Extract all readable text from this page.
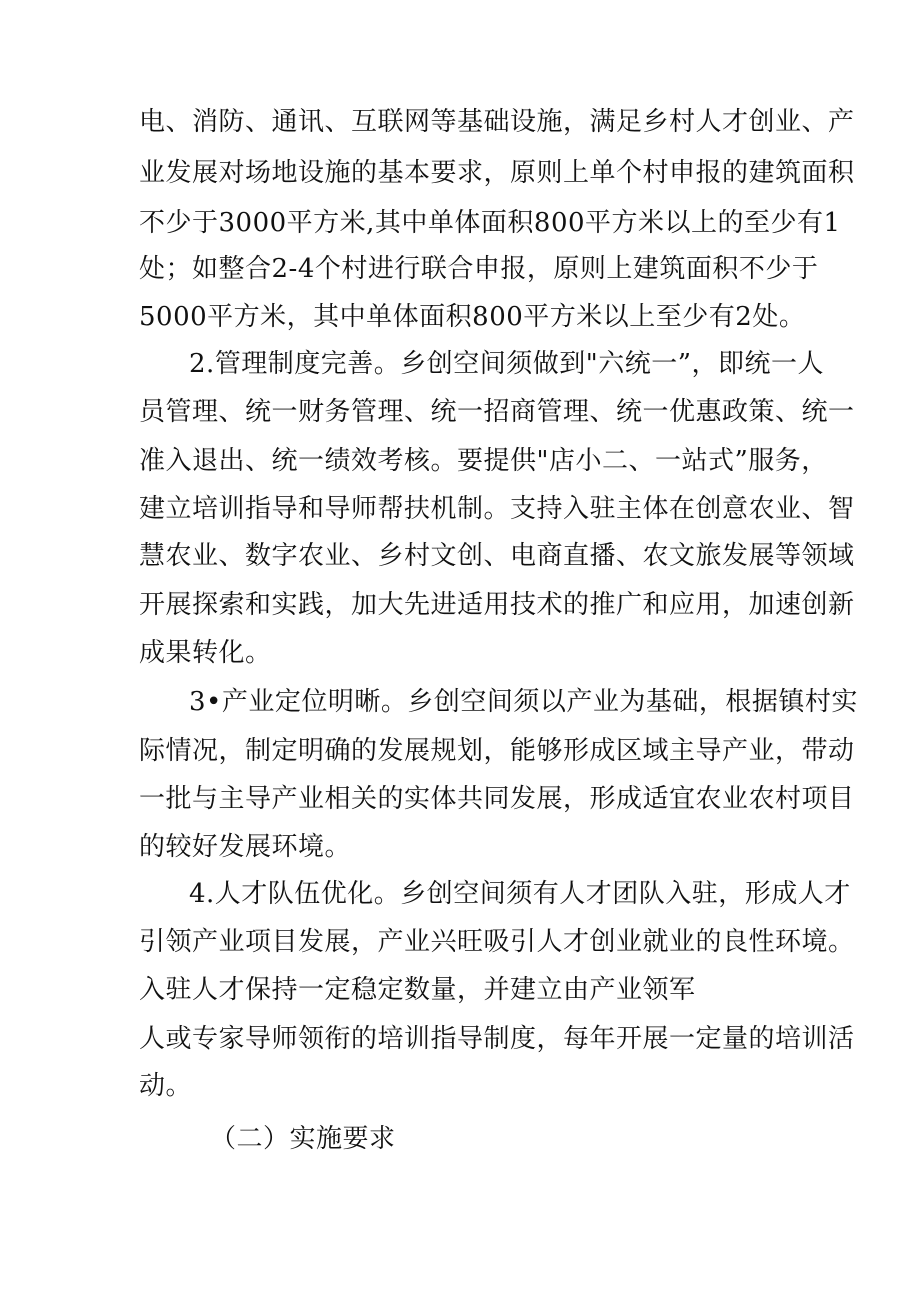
电、消防、通讯、互联网等基础设施，满足乡村人才创业、产
业发展对场地设施的基本要求，原则上单个村申报的建筑面积
不少于3000平方米,其中单体面积800平方米以上的至少有1
处；如整合2-4个村进行联合申报，原则上建筑面积不少于
5000平方米，其中单体面积800平方米以上至少有2处。
2.管理制度完善。乡创空间须做到"六统一”，即统一人
员管理、统一财务管理、统一招商管理、统一优惠政策、统一
准入退出、统一绩效考核。要提供"店小二、一站式”服务，
建立培训指导和导师帮扶机制。支持入驻主体在创意农业、智
慧农业、数字农业、乡村文创、电商直播、农文旅发展等领域
开展探索和实践，加大先进适用技术的推广和应用，加速创新
成果转化。
3•产业定位明晰。乡创空间须以产业为基础，根据镇村实
际情况，制定明确的发展规划，能够形成区域主导产业，带动
一批与主导产业相关的实体共同发展，形成适宜农业农村项目
的较好发展环境。
4.人才队伍优化。乡创空间须有人才团队入驻，形成人才
引领产业项目发展，产业兴旺吸引人才创业就业的良性环境。
入驻人才保持一定稳定数量，并建立由产业领军
人或专家导师领衔的培训指导制度，每年开展一定量的培训活
动。
（二）实施要求
